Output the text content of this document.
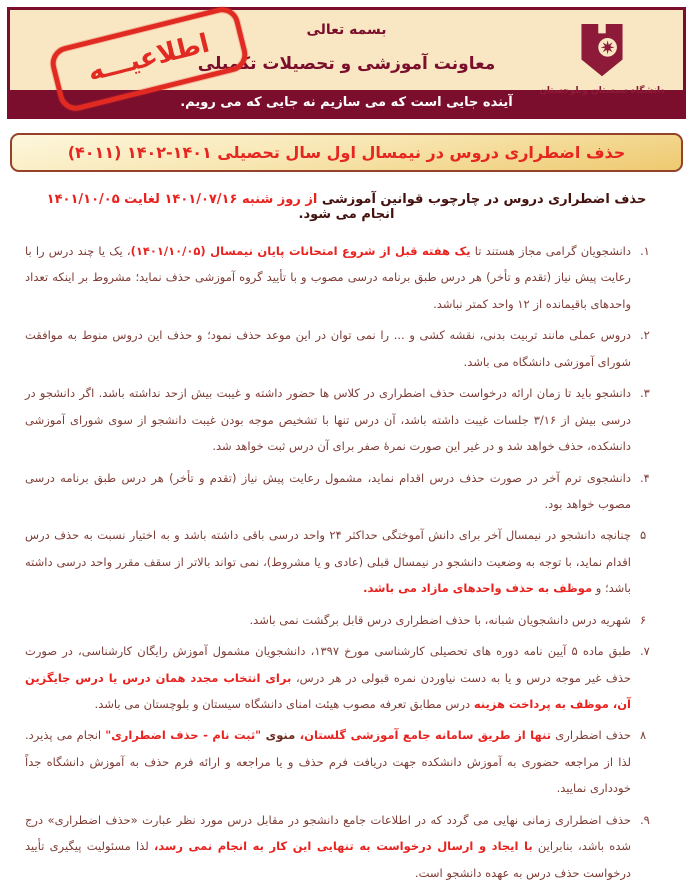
دانشگاه سیستان وبلوچستان
اطلاعیـــه	بسمه تعالی
معاونت آموزشی و تحصیلات تکمیلی
آینده جایی است که می سازیم نه جایی که می رویم.
حذف اضطراری دروس در نیمسال اول سال تحصیلی ۱۴۰۱-۱۴۰۲ (۴۰۱۱)
حذف اضطراری دروس در چارچوب قوانین آموزشی از روز شنبه ۱۴۰۱/۰۷/۱۶ لغایت ۱۴۰۱/۱۰/۰۵ انجام می شود.
۱.
دانشجویان گرامی مجاز هستند تا یک هفته قبل از شروع امتحانات پایان نیمسال (۱۴۰۱/۱۰/۰۵)، یک یا چند درس را با رعایت پیش نیاز (تقدم و تأخر) هر درس طبق برنامه درسی مصوب و با تأیید گروه آموزشی حذف نماید؛ مشروط بر اینکه تعداد واحدهای باقیمانده از ۱۲ واحد کمتر نباشد.
۲.
دروس عملی مانند تربیت بدنی، نقشه کشی و ... را نمی توان در این موعد حذف نمود؛ و حذف این دروس منوط به موافقت شورای آموزشی دانشگاه می باشد.
۳.
دانشجو باید تا زمان ارائه درخواست حذف اضطراری در کلاس ها حضور داشته و غیبت بیش ازحد نداشته باشد. اگر دانشجو در درسی بیش از ۳/۱۶ جلسات غیبت داشته باشد، آن درس تنها با تشخیص موجه بودن غیبت دانشجو از سوی شورای آموزشی دانشکده، حذف خواهد شد و در غیر این صورت نمرهٔ صفر برای آن درس ثبت خواهد شد.
۴.
دانشجوی ترم آخر در صورت حذف درس اقدام نماید، مشمول رعایت پیش نیاز (تقدم و تأخر) هر درس طبق برنامه درسی مصوب خواهد بود.
۵
چنانچه دانشجو در نیمسال آخر برای دانش آموختگی حداکثر ۲۴ واحد درسی باقی داشته باشد و به اختیار نسبت به حذف درس اقدام نماید، با توجه به وضعیت دانشجو در نیمسال قبلی (عادی و یا مشروط)، نمی تواند بالاتر از سقف مقرر واحد درسی داشته باشد؛ و موظف به حذف واحدهای مازاد می باشد.
۶
شهریه درس دانشجویان شبانه، با حذف اضطراری درس قابل برگشت نمی باشد.
۷.
طبق ماده ۵ آیین نامه دوره های تحصیلی کارشناسی مورخ ۱۳۹۷، دانشجویان مشمول آموزش رایگان کارشناسی، در صورت حذف غیر موجه درس و یا به دست نیاوردن نمره قبولی در هر درس، برای انتخاب مجدد همان درس یا درس جایگزین آن، موظف به پرداخت هزینه درس مطابق تعرفه مصوب هیئت امنای دانشگاه سیستان و بلوچستان می باشد.
۸
حذف اضطراری تنها از طریق سامانه جامع آموزشی گلستان، منوی "ثبت نام - حذف اضطراری" انجام می پذیرد. لذا از مراجعه حضوری به آموزش دانشکده جهت دریافت فرم حذف و یا مراجعه و ارائه فرم حذف به آموزش دانشگاه جداً خودداری نمایید.
۹.
حذف اضطراری زمانی نهایی می گردد که در اطلاعات جامع دانشجو در مقابل درس مورد نظر عبارت «حذف اضطراری» درج شده باشد، بنابراین با ایجاد و ارسال درخواست به تنهایی این کار به انجام نمی رسد، لذا مسئولیت پیگیری تأیید درخواست حذف درس به عهده دانشجو است.
